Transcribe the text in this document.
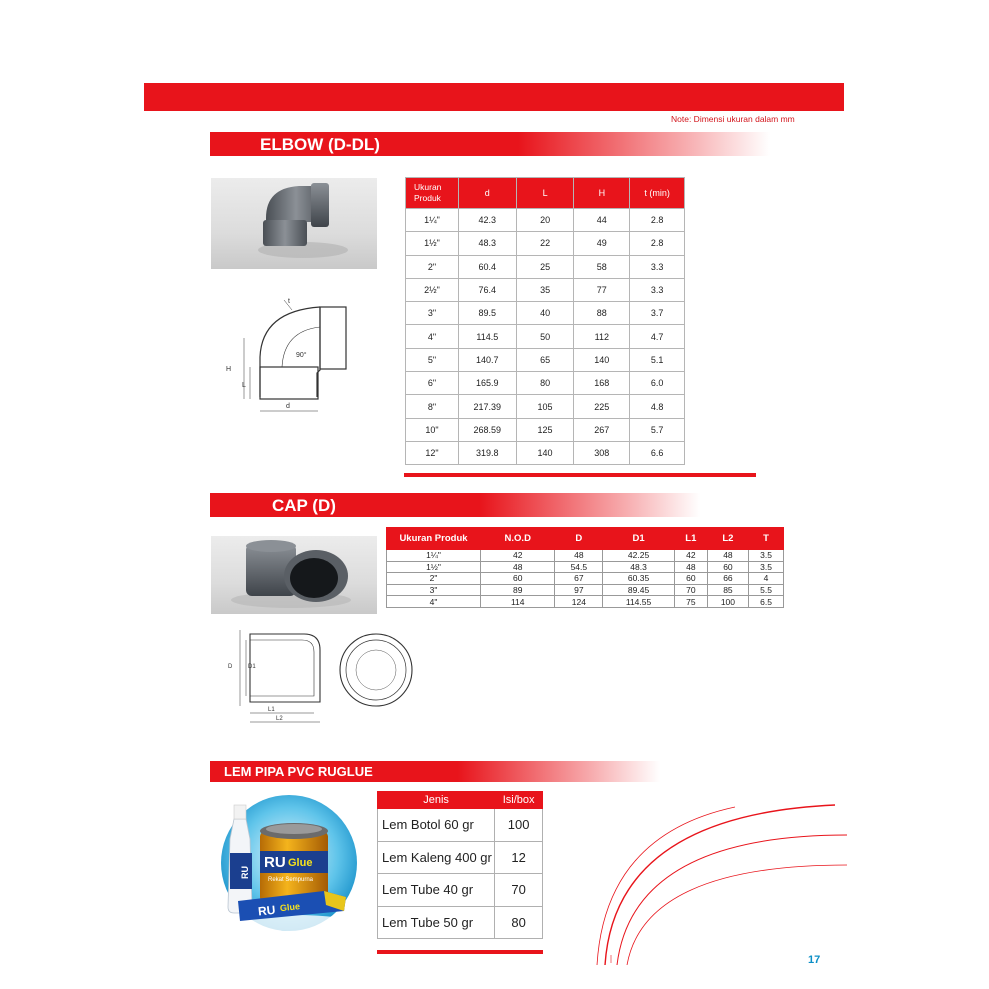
Note: Dimensi ukuran dalam mm
ELBOW (D-DL)
H
L
d
t
90°
Ukuran
Produk	d	L	H	t (min)
1¼"	42.3	20	44	2.8
1½"	48.3	22	49	2.8
2"	60.4	25	58	3.3
2½"	76.4	35	77	3.3
3"	89.5	40	88	3.7
4"	114.5	50	112	4.7
5"	140.7	65	140	5.1
6"	165.9	80	168	6.0
8"	217.39	105	225	4.8
10"	268.59	125	267	5.7
12"	319.8	140	308	6.6
CAP (D)
D	D1
L1
L2
Ukuran Produk	N.O.D	D	D1	L1	L2	T
1¼"	42	48	42.25	42	48	3.5
1½"	48	54.5	48.3	48	60	3.5
2"	60	67	60.35	60	66	4
3"	89	97	89.45	70	85	5.5
4"	114	124	114.55	75	100	6.5
LEM PIPA PVC RUGLUE
RU Glue
Rekat Sempurna
RU
RU Glue
Jenis	Isi/box
Lem Botol 60 gr	100
Lem Kaleng 400 gr	12
Lem Tube 40 gr	70
Lem Tube 50 gr	80
17
